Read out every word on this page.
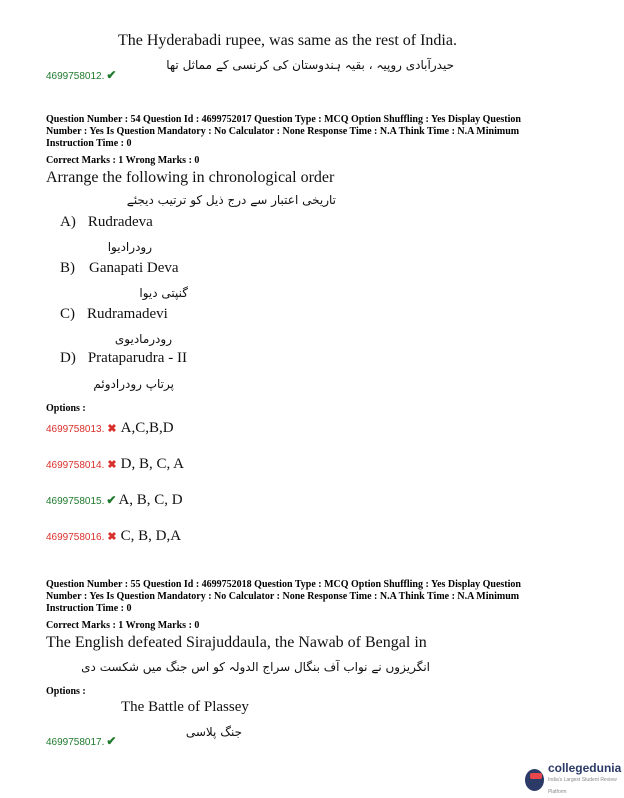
The Hyderabadi rupee, was same as the rest of India.
حیدرآبادی روپیہ ، بقیہ ہندوستان کی کرنسی کے مماثل تھا
4699758012. ✔
Question Number : 54 Question Id : 4699752017 Question Type : MCQ Option Shuffling : Yes Display Question
Number : Yes Is Question Mandatory : No Calculator : None Response Time : N.A Think Time : N.A Minimum
Instruction Time : 0
Correct Marks : 1 Wrong Marks : 0
Arrange the following in chronological order
تاریخی اعتبار سے درج ذیل کو ترتیب دیجئے
A) Rudradeva
رودرادیوا
B) Ganapati Deva
گنپتی دیوا
C) Rudramadevi
رودرمادیوی
D) Prataparudra - II
پرتاپ رودرادوئم
Options :
4699758013. ✖ A,C,B,D
4699758014. ✖ D, B, C, A
4699758015. ✔ A, B, C, D
4699758016. ✖ C, B, D,A
Question Number : 55 Question Id : 4699752018 Question Type : MCQ Option Shuffling : Yes Display Question
Number : Yes Is Question Mandatory : No Calculator : None Response Time : N.A Think Time : N.A Minimum
Instruction Time : 0
Correct Marks : 1 Wrong Marks : 0
The English defeated Sirajuddaula, the Nawab of Bengal in
انگریزوں نے نواب آف بنگال سراج الدولہ کو اس جنگ میں شکست دی
Options :
The Battle of Plassey
جنگ پلاسی
4699758017. ✔
collegedunia
India's Largest Student Review Platform
